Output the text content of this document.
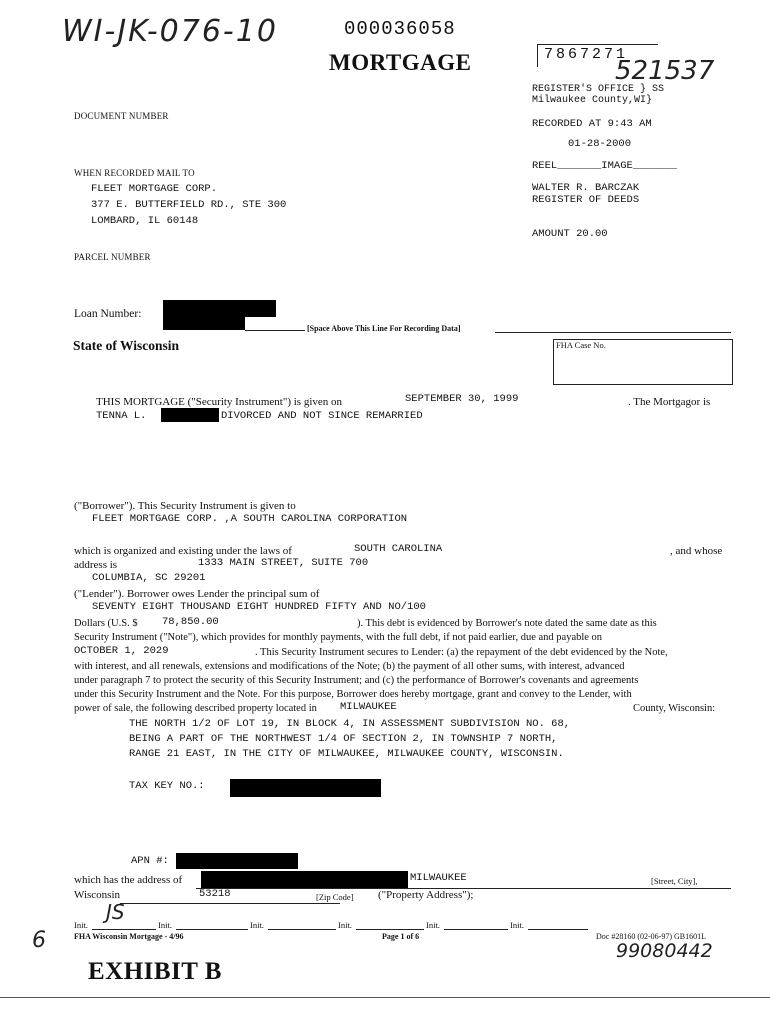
WI-JK-076-10	000036058
MORTGAGE	7867271
521537
REGISTER'S OFFICE } SS
Milwaukee County,WI}
RECORDED AT 9:43 AM
01-28-2000
REEL_______IMAGE_______
WALTER R. BARCZAK
REGISTER OF DEEDS
AMOUNT 20.00
DOCUMENT NUMBER
WHEN RECORDED MAIL TO
FLEET MORTGAGE CORP.
377 E. BUTTERFIELD RD., STE 300
LOMBARD, IL 60148
PARCEL NUMBER
Loan Number:
[Space Above This Line For Recording Data]
State of Wisconsin	FHA Case No.
THIS MORTGAGE ("Security Instrument") is given on	SEPTEMBER 30, 1999	. The Mortgagor is
TENNA L.	DIVORCED AND NOT SINCE REMARRIED
("Borrower"). This Security Instrument is given to
FLEET MORTGAGE CORP. ,A SOUTH CAROLINA CORPORATION
which is organized and existing under the laws of	SOUTH CAROLINA	, and whose
address is	1333 MAIN STREET, SUITE 700
COLUMBIA, SC 29201
("Lender"). Borrower owes Lender the principal sum of
SEVENTY EIGHT THOUSAND EIGHT HUNDRED FIFTY AND NO/100
Dollars (U.S. $ 78,850.00	). This debt is evidenced by Borrower's note dated the same date as this
Security Instrument ("Note"), which provides for monthly payments, with the full debt, if not paid earlier, due and payable on
OCTOBER 1, 2029	. This Security Instrument secures to Lender: (a) the repayment of the debt evidenced by the Note,
with interest, and all renewals, extensions and modifications of the Note; (b) the payment of all other sums, with interest, advanced
under paragraph 7 to protect the security of this Security Instrument; and (c) the performance of Borrower's covenants and agreements
under this Security Instrument and the Note. For this purpose, Borrower does hereby mortgage, grant and convey to the Lender, with
power of sale, the following described property located in MILWAUKEE	County, Wisconsin:
THE NORTH 1/2 OF LOT 19, IN BLOCK 4, IN ASSESSMENT SUBDIVISION NO. 68,
BEING A PART OF THE NORTHWEST 1/4 OF SECTION 2, IN TOWNSHIP 7 NORTH,
RANGE 21 EAST, IN THE CITY OF MILWAUKEE, MILWAUKEE COUNTY, WISCONSIN.
TAX KEY NO.:
APN #:
which has the address of	MILWAUKEE	[Street, City],
Wisconsin	53218	[Zip Code] ("Property Address");
JS
Init.	Init.	Init.	Init.	Init.	Init.
FHA Wisconsin Mortgage - 4/96	Page 1 of 6	Doc #28160 (02-06-97) GB1601L
99080442
6
EXHIBIT B
